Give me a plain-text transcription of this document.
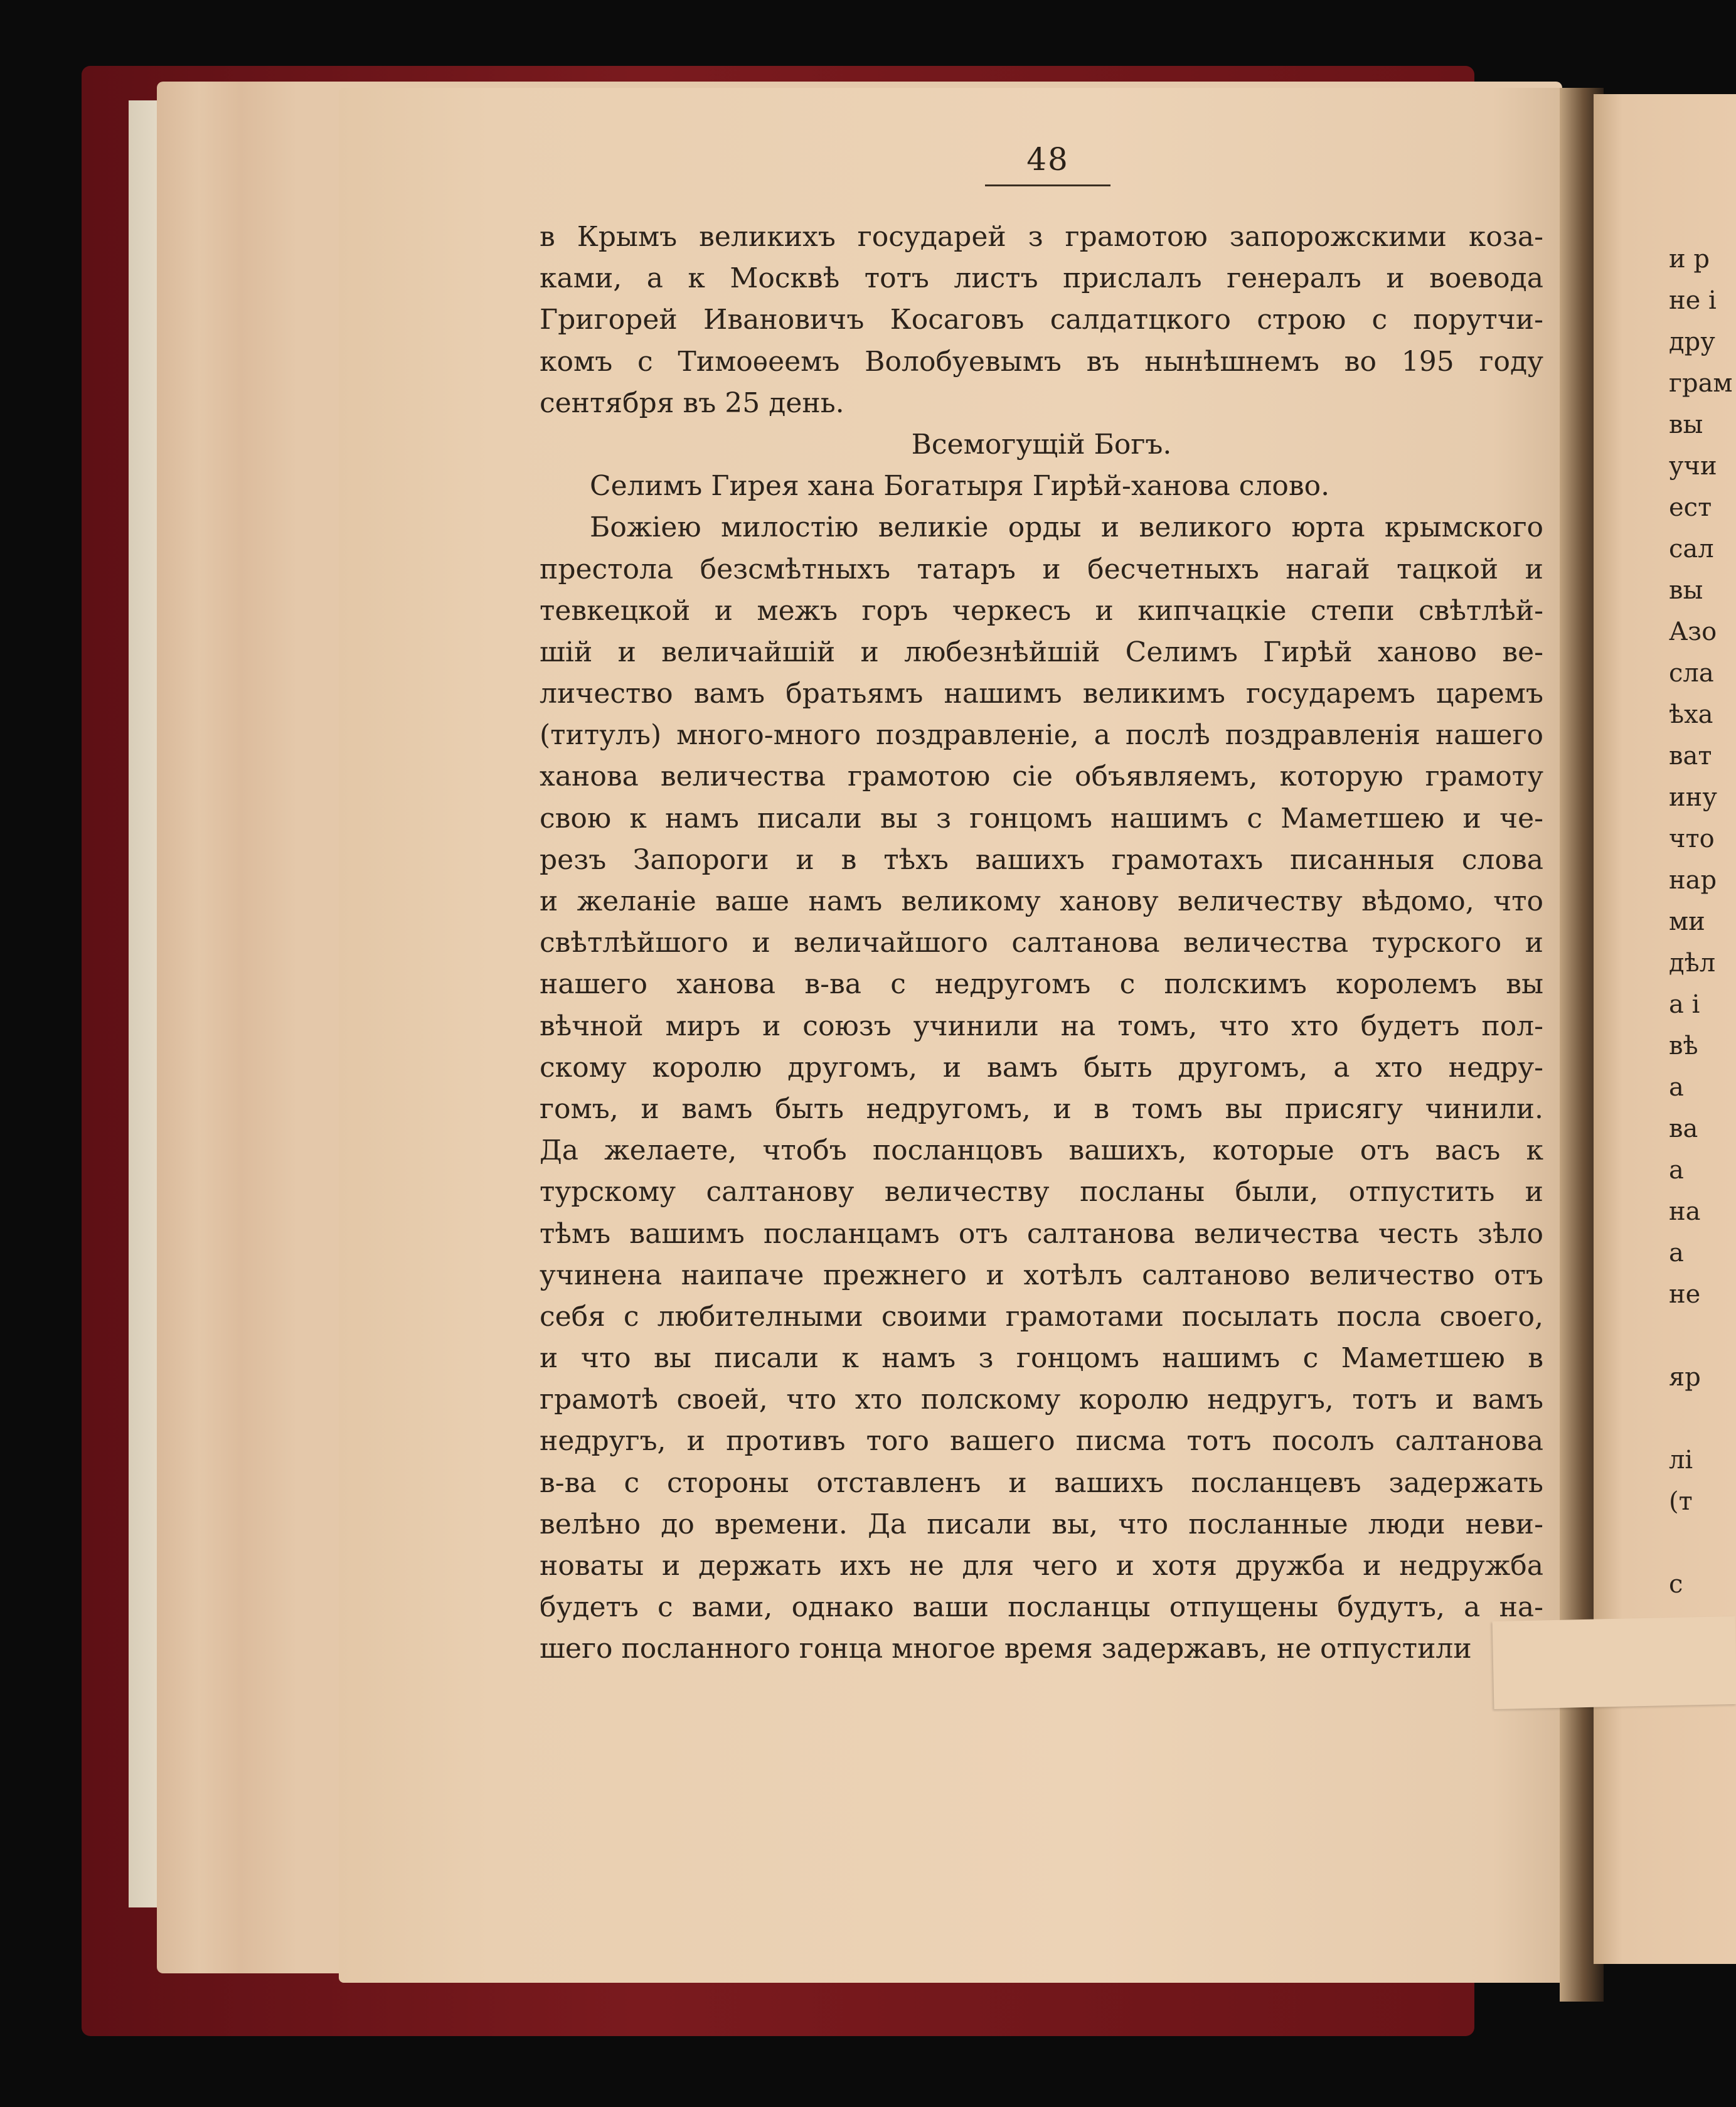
и р
не і
дру
грам
вы
учи
ест
сал
вы
Азо
сла
ѣха
ват
ину
что
нар
ми
дѣл
а і
вѣ
а
ва
а
на
а
не
яр
лі
(т
с
48
в Крымъ великихъ государей з грамотою запорожскими коза-
ками, а к Москвѣ тотъ листъ прислалъ генералъ и воевода
Григорей Ивановичъ Косаговъ салдатцкого строю с порутчи-
комъ с Тимоѳеемъ Волобуевымъ въ нынѣшнемъ во 195 году
сентября въ 25 день.
Всемогущій Богъ.
Селимъ Гирея хана Богатыря Гирѣй-ханова слово.
Божіею милостію великіе орды и великого юрта крымского
престола безсмѣтныхъ татаръ и бесчетныхъ нагай тацкой и
тевкецкой и межъ горъ черкесъ и кипчацкіе степи свѣтлѣй-
шій и величайшій и любезнѣйшій Селимъ Гирѣй ханово ве-
личество вамъ братьямъ нашимъ великимъ государемъ царемъ
(титулъ) много-много поздравленіе, а послѣ поздравленія нашего
ханова величества грамотою сіе объявляемъ, которую грамоту
свою к намъ писали вы з гонцомъ нашимъ с Маметшею и че-
резъ Запороги и в тѣхъ вашихъ грамотахъ писанныя слова
и желаніе ваше намъ великому ханову величеству вѣдомо, что
свѣтлѣйшого и величайшого салтанова величества турского и
нашего ханова в-ва с недругомъ с полскимъ королемъ вы
вѣчной миръ и союзъ учинили на томъ, что хто будетъ пол-
скому королю другомъ, и вамъ быть другомъ, а хто недру-
гомъ, и вамъ быть недругомъ, и в томъ вы присягу чинили.
Да желаете, чтобъ посланцовъ вашихъ, которые отъ васъ к
турскому салтанову величеству посланы были, отпустить и
тѣмъ вашимъ посланцамъ отъ салтанова величества честь зѣло
учинена наипаче прежнего и хотѣлъ салтаново величество отъ
себя с любителными своими грамотами посылать посла своего,
и что вы писали к намъ з гонцомъ нашимъ с Маметшею в
грамотѣ своей, что хто полскому королю недругъ, тотъ и вамъ
недругъ, и противъ того вашего писма тотъ посолъ салтанова
в-ва с стороны отставленъ и вашихъ посланцевъ задержать
велѣно до времени. Да писали вы, что посланные люди неви-
новаты и держать ихъ не для чего и хотя дружба и недружба
будетъ с вами, однако ваши посланцы отпущены будутъ, а на-
шего посланного гонца многое время задержавъ, не отпустили
